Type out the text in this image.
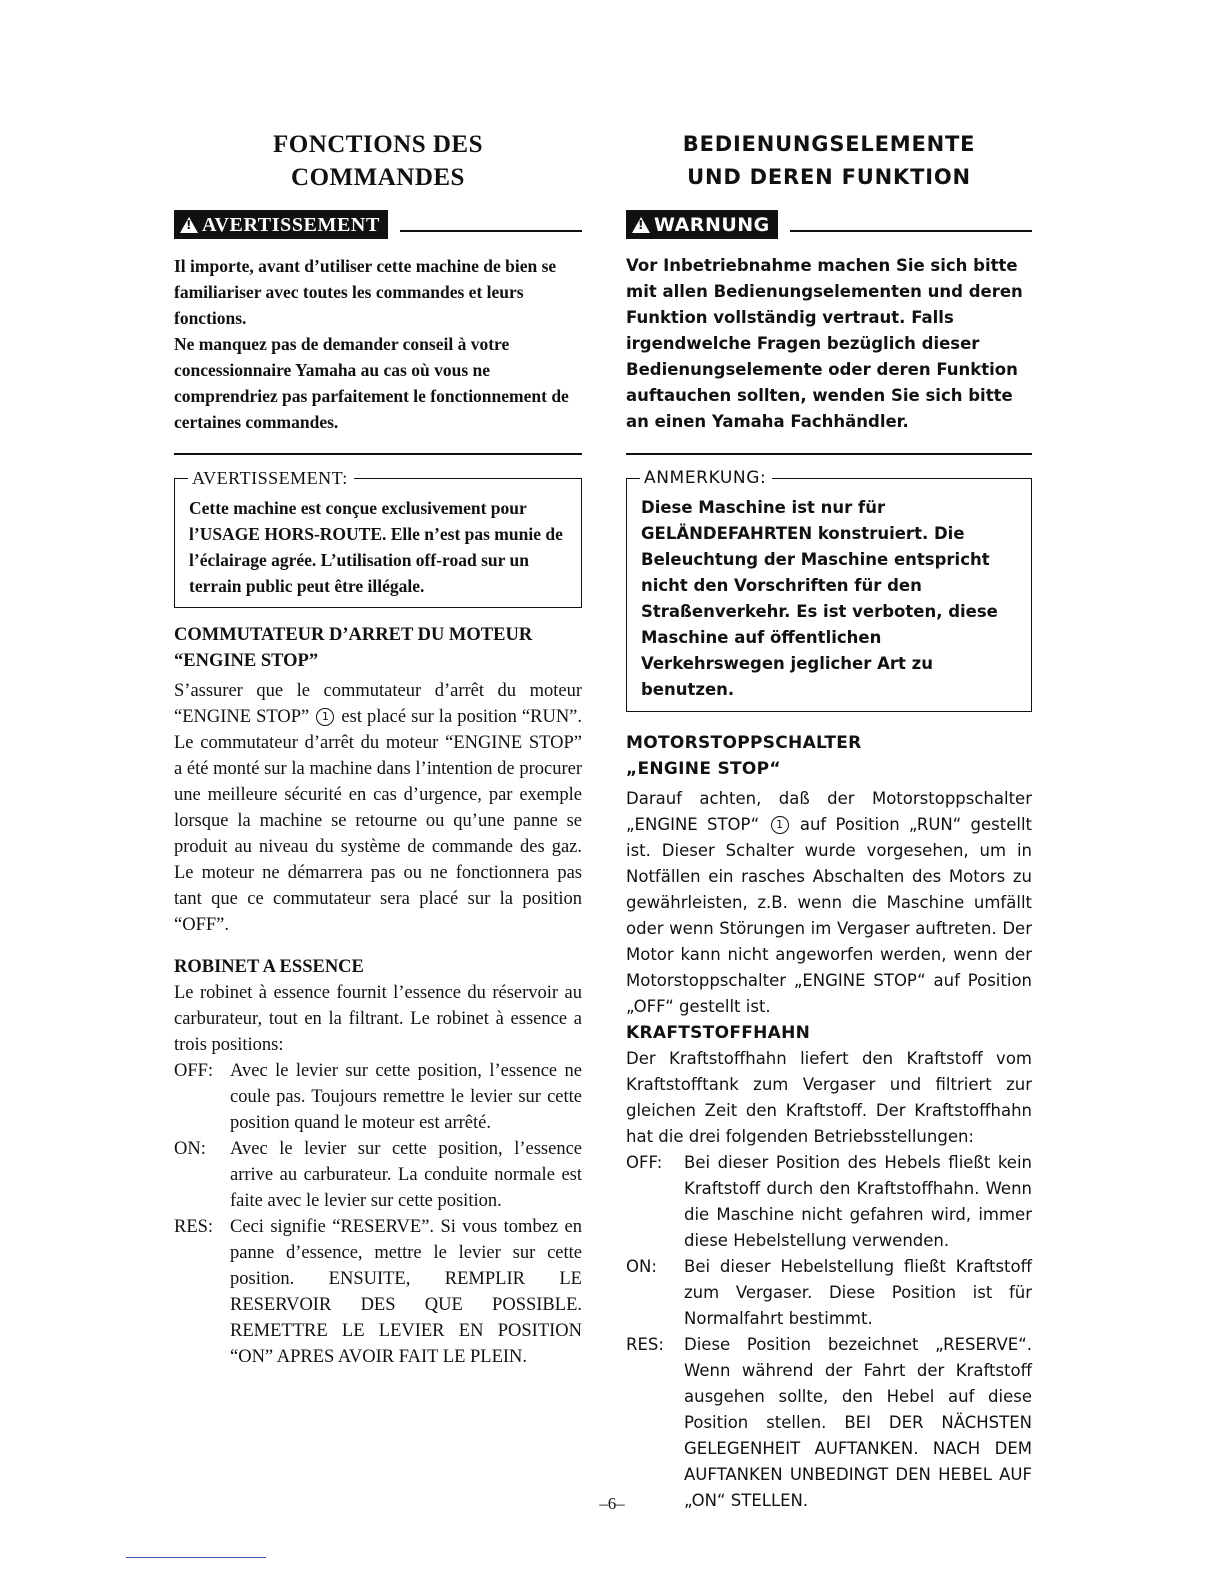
FONCTIONS DES
COMMANDES
!
AVERTISSEMENT

Il importe, avant d’utiliser cette machine de bien se familiariser avec toutes les commandes et leurs fonctions.

Ne manquez pas de demander conseil à votre concessionnaire Yamaha au cas où vous ne comprendriez pas parfaitement le fonctionnement de certaines commandes.

AVERTISSEMENT:

Cette machine est conçue exclusivement pour l’USAGE HORS-ROUTE. Elle n’est pas munie de l’éclairage agrée. L’utilisation off-road sur un terrain public peut être illégale.

COMMUTATEUR D’ARRET DU MOTEUR
“ENGINE STOP”

S’assurer que le commutateur d’arrêt du moteur “ENGINE STOP” 1 est placé sur la position “RUN”. Le commutateur d’arrêt du moteur “ENGINE STOP” a été monté sur la machine dans l’intention de procurer une meilleure sécurité en cas d’urgence, par exemple lorsque la machine se retourne ou qu’une panne se produit au niveau du système de commande des gaz. Le moteur ne démarrera pas ou ne fonctionnera pas tant que ce commutateur sera placé sur la position “OFF”.

ROBINET A ESSENCE

Le robinet à essence fournit l’essence du réservoir au carburateur, tout en la filtrant. Le robinet à essence a trois positions:

OFF: Avec le levier sur cette position, l’essence ne coule pas. Toujours remettre le levier sur cette position quand le moteur est arrêté.
ON:	Avec le levier sur cette position, l’essence arrive au carburateur. La conduite normale est faite avec le levier sur cette position.
RES: Ceci signifie “RESERVE”. Si vous tombez en panne d’essence, mettre le levier sur cette position. ENSUITE, REMPLIR LE RESERVOIR DES QUE POSSIBLE. REMETTRE LE LEVIER EN POSITION “ON” APRES AVOIR FAIT LE PLEIN.
BEDIENUNGSELEMENTE
UND DEREN FUNKTION
!
WARNUNG

Vor Inbetriebnahme machen Sie sich bitte mit allen Bedienungselementen und deren Funktion vollständig vertraut. Falls irgendwelche Fragen bezüglich dieser Bedienungselemente oder deren Funktion auftauchen sollten, wenden Sie sich bitte an einen Yamaha Fachhändler.

ANMERKUNG:

Diese Maschine ist nur für GELÄNDEFAHRTEN konstruiert. Die Beleuchtung der Maschine entspricht nicht den Vorschriften für den Straßenverkehr. Es ist verboten, diese Maschine auf öffentlichen Verkehrswegen jeglicher Art zu benutzen.

MOTORSTOPPSCHALTER
„ENGINE STOP“

Darauf achten, daß der Motorstoppschalter „ENGINE STOP“ 1 auf Position „RUN“ gestellt ist. Dieser Schalter wurde vorgesehen, um in Notfällen ein rasches Abschalten des Motors zu gewährleisten, z.B. wenn die Maschine umfällt oder wenn Störungen im Vergaser auftreten. Der Motor kann nicht angeworfen werden, wenn der Motorstoppschalter „ENGINE STOP“ auf Position „OFF“ gestellt ist.

KRAFTSTOFFHAHN

Der Kraftstoffhahn liefert den Kraftstoff vom Kraftstofftank zum Vergaser und filtriert zur gleichen Zeit den Kraftstoff. Der Kraftstoffhahn hat die drei folgenden Betriebsstellungen:

OFF:	Bei dieser Position des Hebels fließt kein Kraftstoff durch den Kraftstoffhahn. Wenn die Maschine nicht gefahren wird, immer diese Hebelstellung verwenden.
ON:	Bei dieser Hebelstellung fließt Kraftstoff zum Vergaser. Diese Position ist für Normalfahrt bestimmt.
RES:	Diese Position bezeichnet „RESERVE“. Wenn während der Fahrt der Kraftstoff ausgehen sollte, den Hebel auf diese Position stellen. BEI DER NÄCHSTEN GELEGENHEIT AUFTANKEN. NACH DEM AUFTANKEN UNBEDINGT DEN HEBEL AUF „ON“ STELLEN.
–6–
